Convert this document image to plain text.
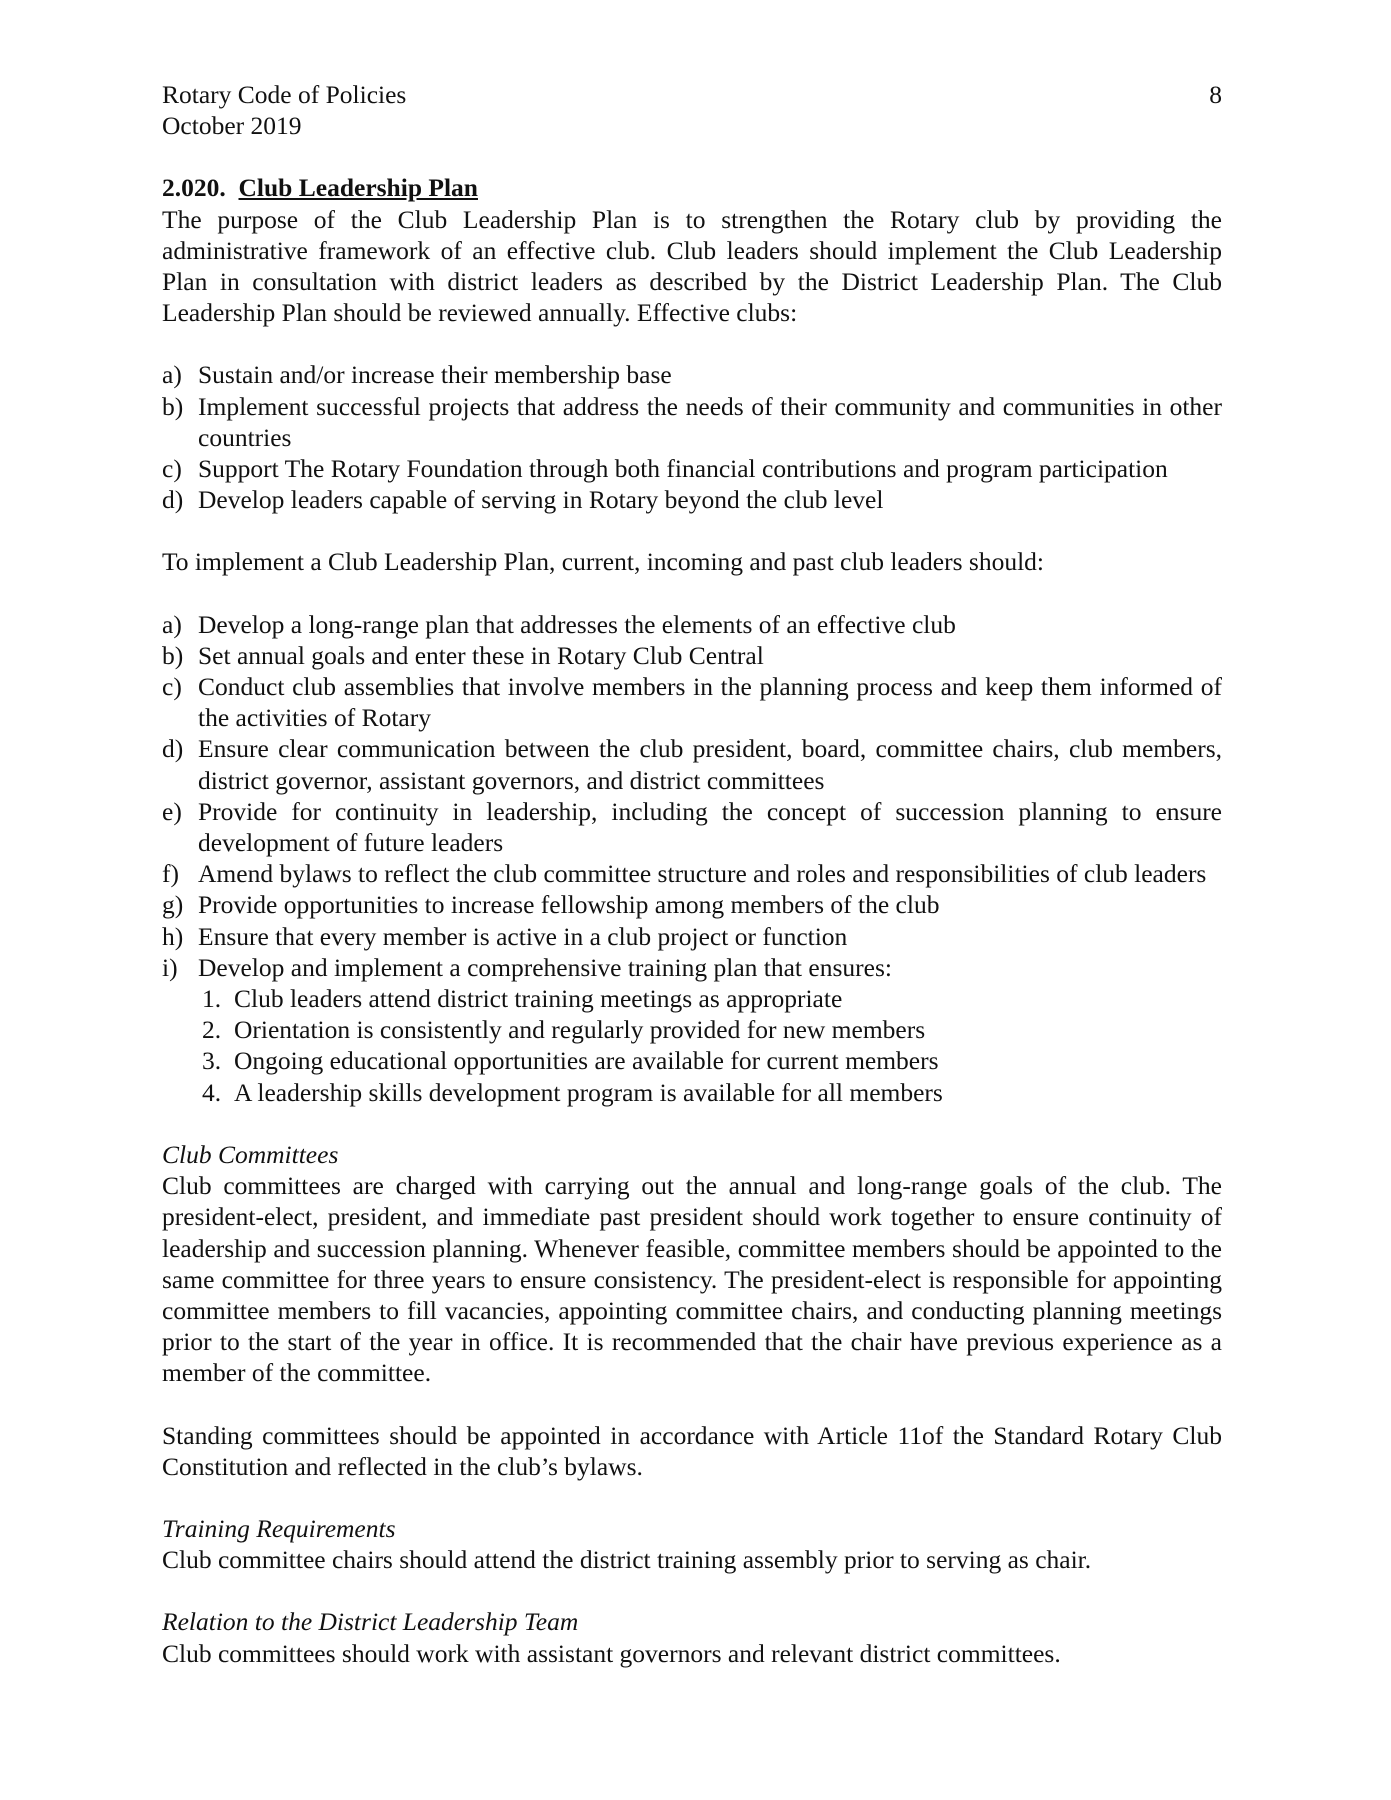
Rotary Code of Policies

October 2019

8

2.020. Club Leadership Plan

The purpose of the Club Leadership Plan is to strengthen the Rotary club by providing the administrative framework of an effective club. Club leaders should implement the Club Leadership Plan in consultation with district leaders as described by the District Leadership Plan. The Club Leadership Plan should be reviewed annually. Effective clubs:

a) Sustain and/or increase their membership base
b) Implement successful projects that address the needs of their community and communities in other countries
c) Support The Rotary Foundation through both financial contributions and program participation
d) Develop leaders capable of serving in Rotary beyond the club level

To implement a Club Leadership Plan, current, incoming and past club leaders should:

a) Develop a long-range plan that addresses the elements of an effective club
b) Set annual goals and enter these in Rotary Club Central
c) Conduct club assemblies that involve members in the planning process and keep them informed of the activities of Rotary
d) Ensure clear communication between the club president, board, committee chairs, club members, district governor, assistant governors, and district committees
e) Provide for continuity in leadership, including the concept of succession planning to ensure development of future leaders
f) Amend bylaws to reflect the club committee structure and roles and responsibilities of club leaders
g) Provide opportunities to increase fellowship among members of the club
h) Ensure that every member is active in a club project or function
i) Develop and implement a comprehensive training plan that ensures:
1. Club leaders attend district training meetings as appropriate
2. Orientation is consistently and regularly provided for new members
3. Ongoing educational opportunities are available for current members
4. A leadership skills development program is available for all members

Club Committees

Club committees are charged with carrying out the annual and long-range goals of the club. The president-elect, president, and immediate past president should work together to ensure continuity of leadership and succession planning. Whenever feasible, committee members should be appointed to the same committee for three years to ensure consistency. The president-elect is responsible for appointing committee members to fill vacancies, appointing committee chairs, and conducting planning meetings prior to the start of the year in office. It is recommended that the chair have previous experience as a member of the committee.

Standing committees should be appointed in accordance with Article 11of the Standard Rotary Club Constitution and reflected in the club’s bylaws.

Training Requirements

Club committee chairs should attend the district training assembly prior to serving as chair.

Relation to the District Leadership Team

Club committees should work with assistant governors and relevant district committees.
